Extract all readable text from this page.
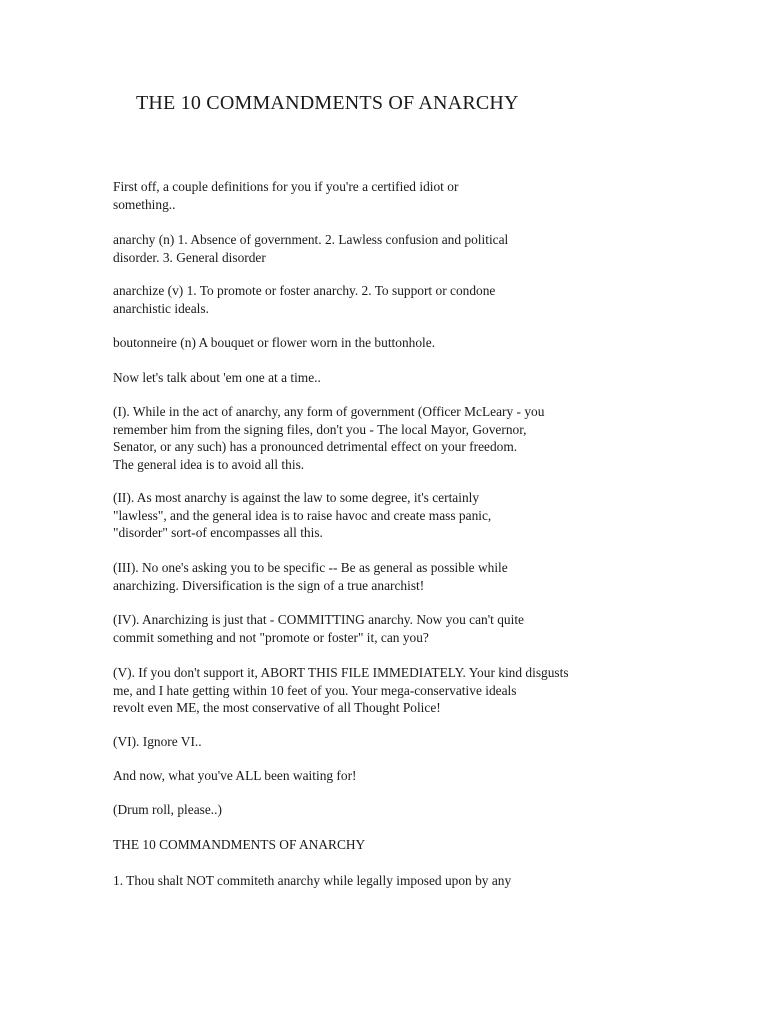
THE 10 COMMANDMENTS OF ANARCHY
First off, a couple definitions for you if you're a certified idiot or
something..
anarchy (n) 1. Absence of government. 2. Lawless confusion and political
disorder. 3. General disorder
anarchize (v) 1. To promote or foster anarchy. 2. To support or condone
anarchistic ideals.
boutonneire (n) A bouquet or flower worn in the buttonhole.
Now let's talk about 'em one at a time..
(I). While in the act of anarchy, any form of government (Officer McLeary - you
remember him from the signing files, don't you - The local Mayor, Governor,
Senator, or any such) has a pronounced detrimental effect on your freedom.
The general idea is to avoid all this.
(II). As most anarchy is against the law to some degree, it's certainly
"lawless", and the general idea is to raise havoc and create mass panic,
"disorder" sort-of encompasses all this.
(III). No one's asking you to be specific -- Be as general as possible while
anarchizing. Diversification is the sign of a true anarchist!
(IV). Anarchizing is just that - COMMITTING anarchy. Now you can't quite
commit something and not "promote or foster" it, can you?
(V). If you don't support it, ABORT THIS FILE IMMEDIATELY. Your kind disgusts
me, and I hate getting within 10 feet of you. Your mega-conservative ideals
revolt even ME, the most conservative of all Thought Police!
(VI). Ignore VI..
And now, what you've ALL been waiting for!
(Drum roll, please..)
THE 10 COMMANDMENTS OF ANARCHY
1. Thou shalt NOT commiteth anarchy while legally imposed upon by any
